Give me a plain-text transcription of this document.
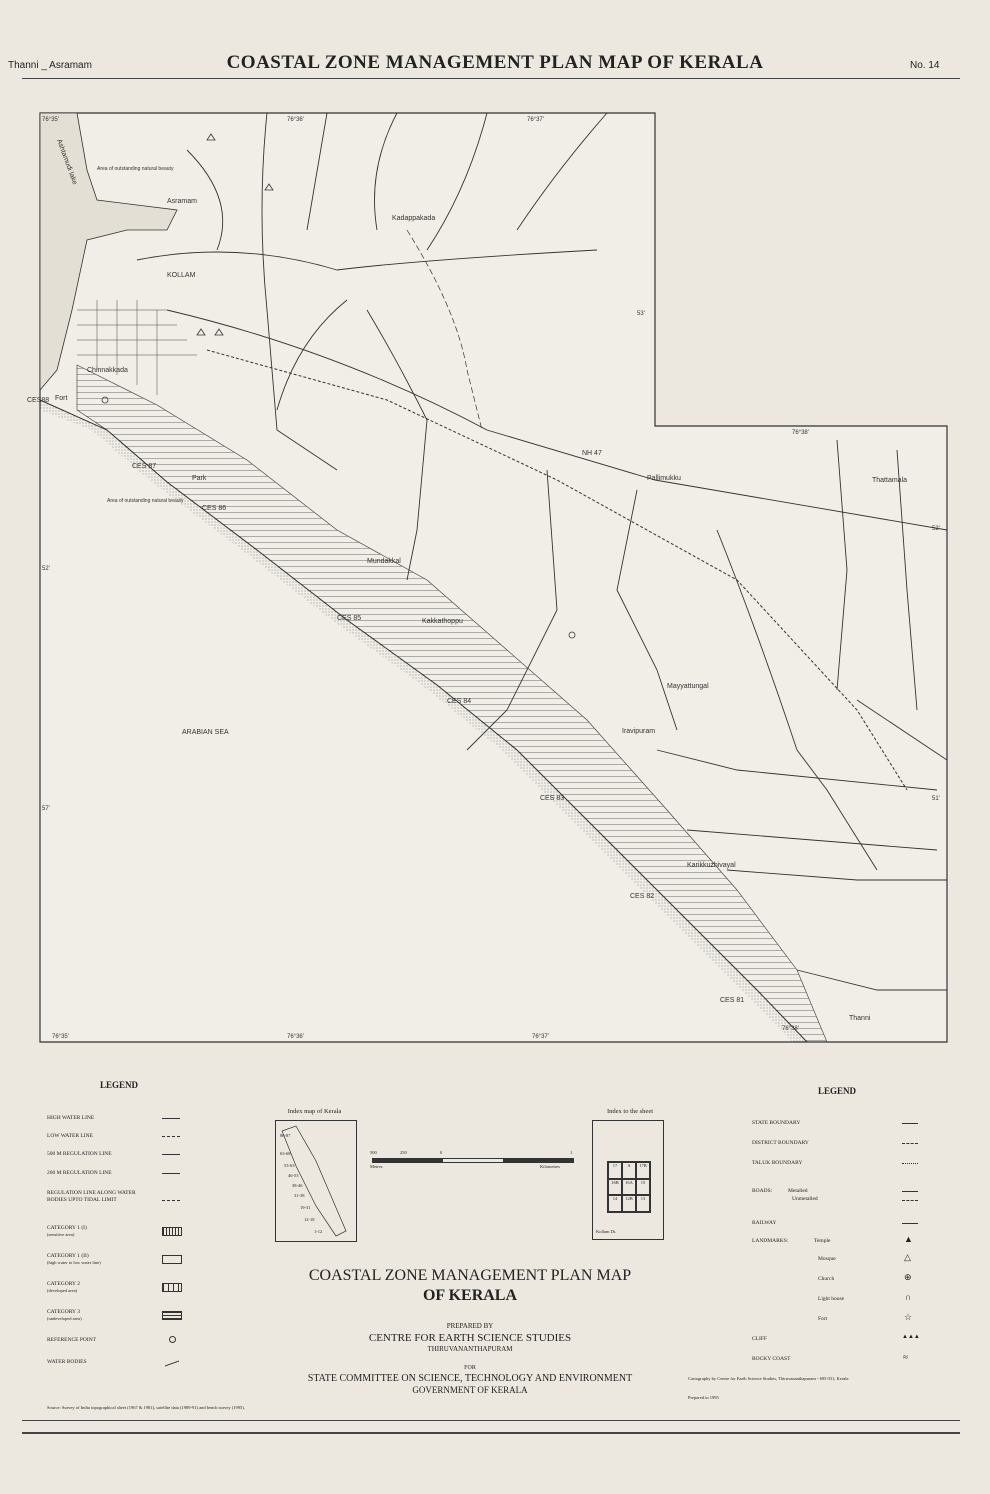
Thanni _ Asramam	COASTAL ZONE MANAGEMENT PLAN MAP OF KERALA	No. 14
Asramam
KOLLAM
Kadappakada
Chinnakkada
Fort
Park
NH 47
Pallimukku	Thattamala
Mundakkal
Kakkathoppu
Mayyattungal
Iravipuram
Karikkuzhivayal
Thanni
ARABIAN SEA
Ashtamudi lake	Area of outstanding natural beauty
Area of outstanding natural beauty
CES88
CES 87
CES 86
CES 85
CES 84
CES 83
CES 82
CES 81
76°35'	76°36'	76°37'
76°38'
76°35'	76°36'	76°37'
76°38'
53'
52'
51'
57'
52'
LEGEND
HIGH WATER LINE
LOW WATER LINE
500 M REGULATION LINE
200 M REGULATION LINE
REGULATION LINE ALONG WATER BODIES UPTO TIDAL LIMIT
CATEGORY 1 (I)
(sensitive area)
CATEGORY 1 (II)
(high water to low water line)
CATEGORY 2
(developed area)
CATEGORY 3
(undeveloped area)
REFERENCE POINT
WATER BODIES
Index map of Kerala
86-87
63-68
53-63
46-53
38-46
31-38
19-31
12-18
1-12
500	250	0	1
Metres	Kilometres
Index to the sheet
17	A	17B
16B	16A	15
14	12B	13
Kollam Dt.
COASTAL ZONE MANAGEMENT PLAN MAP
OF KERALA
PREPARED BY
CENTRE FOR EARTH SCIENCE STUDIES
THIRUVANANTHAPURAM
FOR
STATE COMMITTEE ON SCIENCE, TECHNOLOGY AND ENVIRONMENT
GOVERNMENT OF KERALA
LEGEND
STATE BOUNDARY
DISTRICT BOUNDARY
TALUK BOUNDARY
ROADS:	Metalled
Unmetalled
RAILWAY
LANDMARKS:	Temple	▲
Mosque	△
Church	⊕
Light house	∩
Fort	☆
CLIFF	▲▲▲
ROCKY COAST	≈
Source: Survey of India topographical sheet (1967 & 1981), satellite data (1989-91) and bench survey (1995).
Cartography by Centre for Earth Science Studies, Thiruvananthapuram - 695 031, Kerala
Prepared in 1995
